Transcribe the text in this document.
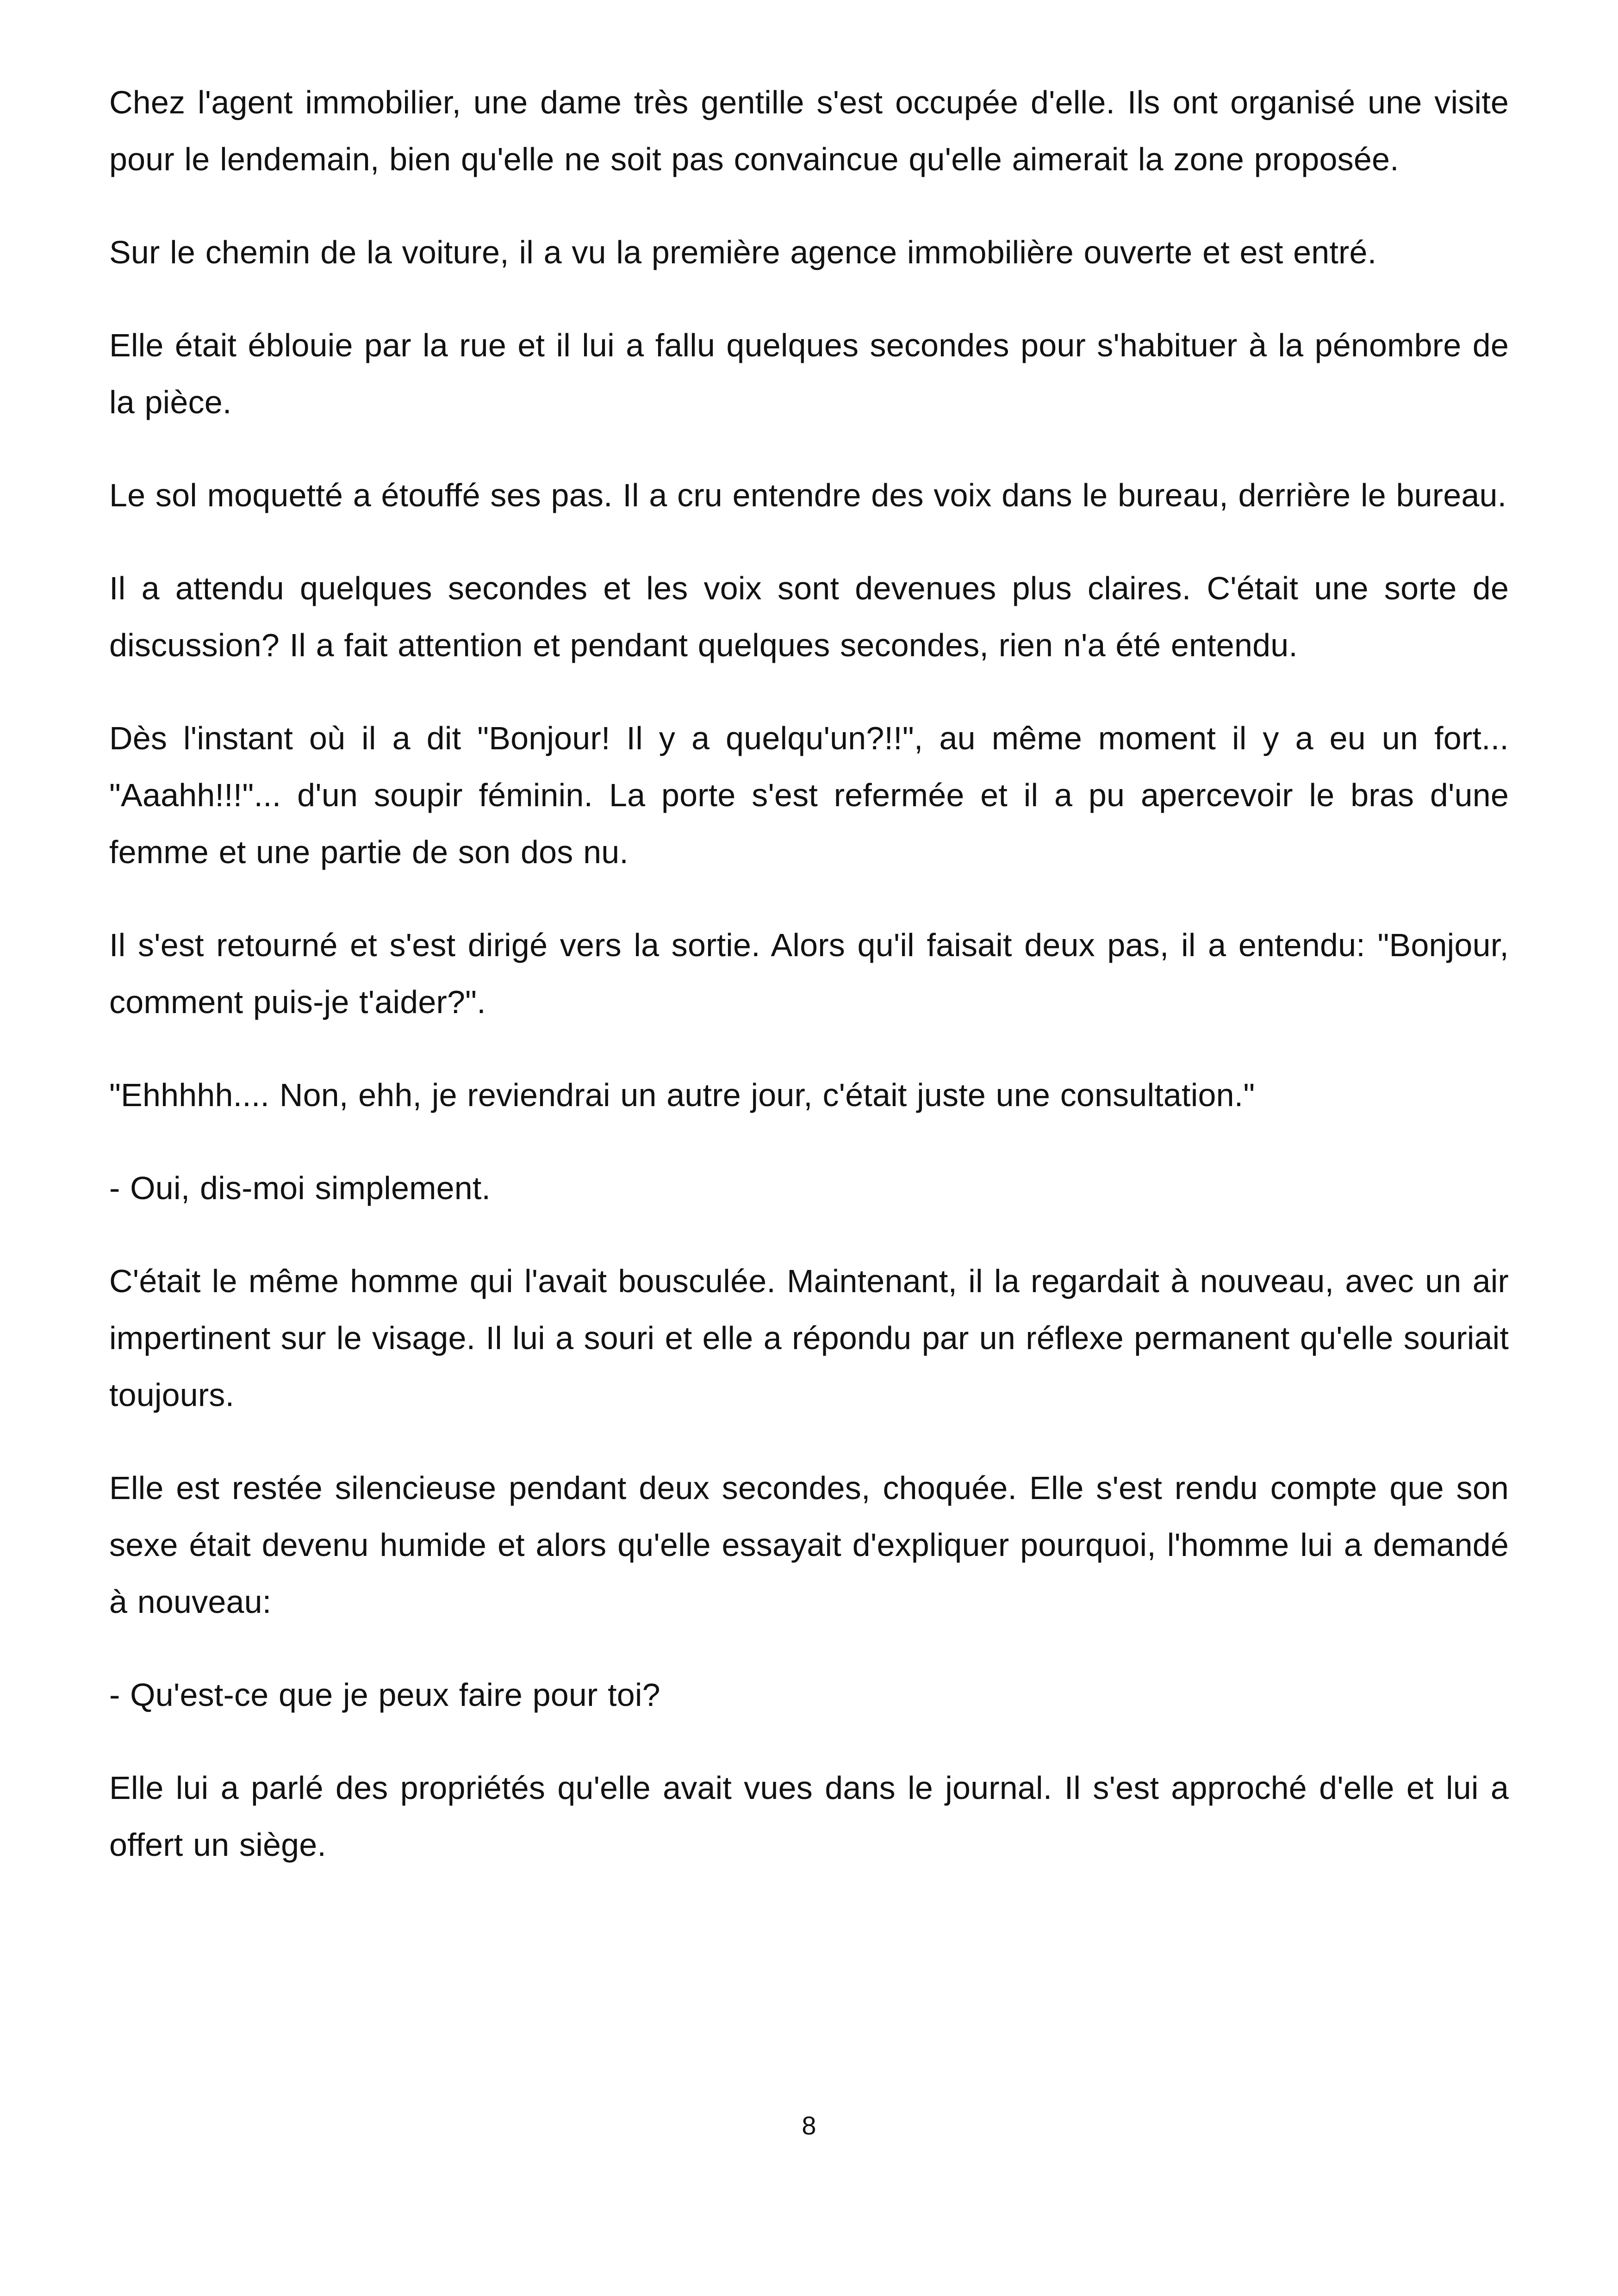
Chez l'agent immobilier, une dame très gentille s'est occupée d'elle. Ils ont organisé une visite pour le lendemain, bien qu'elle ne soit pas convaincue qu'elle aimerait la zone proposée.

Sur le chemin de la voiture, il a vu la première agence immobilière ouverte et est entré.

Elle était éblouie par la rue et il lui a fallu quelques secondes pour s'habituer à la pénombre de la pièce.

Le sol moquetté a étouffé ses pas. Il a cru entendre des voix dans le bureau, derrière le bureau.

Il a attendu quelques secondes et les voix sont devenues plus claires. C'était une sorte de discussion? Il a fait attention et pendant quelques secondes, rien n'a été entendu.

Dès l'instant où il a dit "Bonjour! Il y a quelqu'un?!!", au même moment il y a eu un fort... "Aaahh!!!"... d'un soupir féminin. La porte s'est refermée et il a pu apercevoir le bras d'une femme et une partie de son dos nu.

Il s'est retourné et s'est dirigé vers la sortie. Alors qu'il faisait deux pas, il a entendu: "Bonjour, comment puis-je t'aider?".

"Ehhhhh.... Non, ehh, je reviendrai un autre jour, c'était juste une consultation."

- Oui, dis-moi simplement.

C'était le même homme qui l'avait bousculée. Maintenant, il la regardait à nouveau, avec un air impertinent sur le visage. Il lui a souri et elle a répondu par un réflexe permanent qu'elle souriait toujours.

Elle est restée silencieuse pendant deux secondes, choquée. Elle s'est rendu compte que son sexe était devenu humide et alors qu'elle essayait d'expliquer pourquoi, l'homme lui a demandé à nouveau:

- Qu'est-ce que je peux faire pour toi?

Elle lui a parlé des propriétés qu'elle avait vues dans le journal. Il s'est approché d'elle et lui a offert un siège.

8
